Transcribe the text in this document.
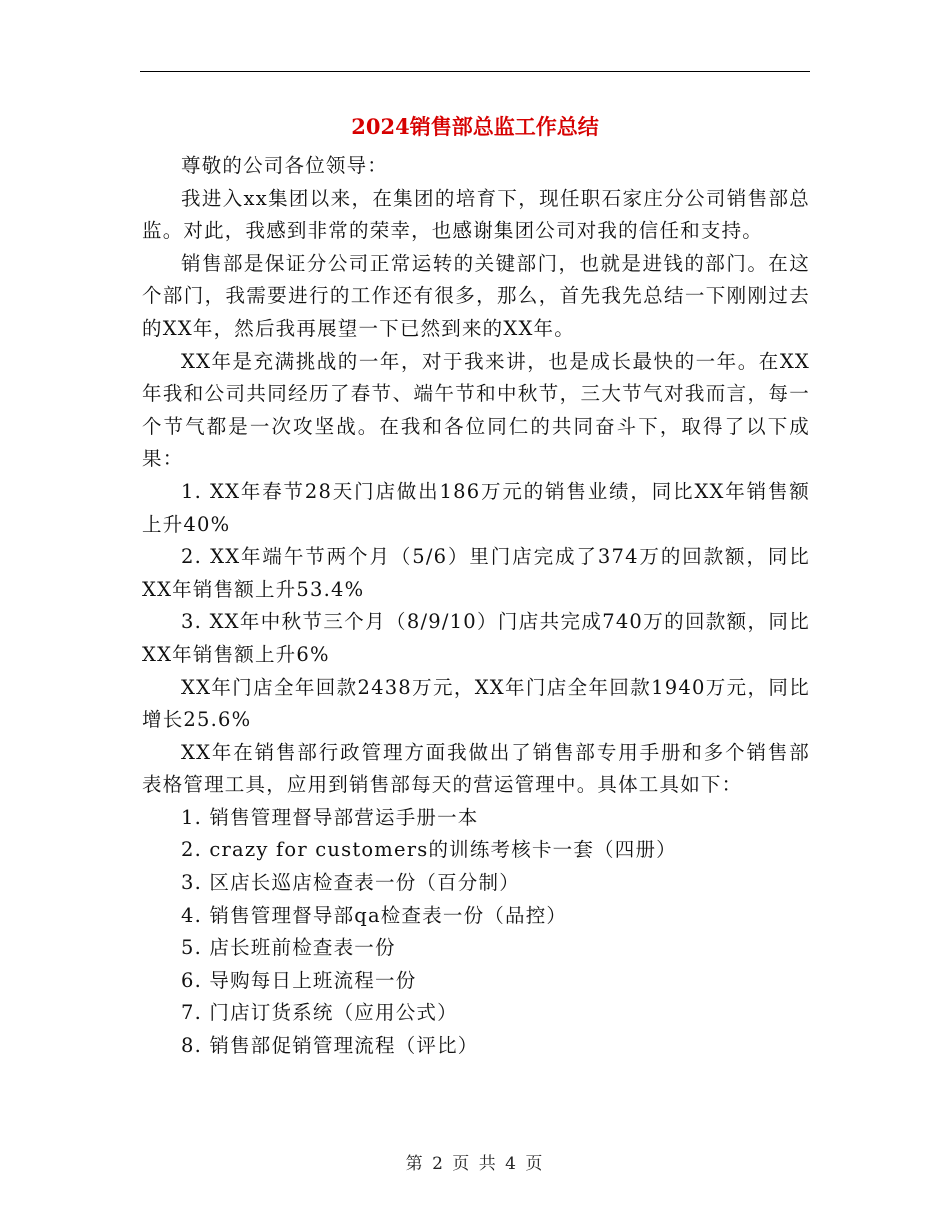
2024销售部总监工作总结

尊敬的公司各位领导：

我进入xx集团以来，在集团的培育下，现任职石家庄分公司销售部总监。对此，我感到非常的荣幸，也感谢集团公司对我的信任和支持。

销售部是保证分公司正常运转的关键部门，也就是进钱的部门。在这个部门，我需要进行的工作还有很多，那么，首先我先总结一下刚刚过去的XX年，然后我再展望一下已然到来的XX年。

XX年是充满挑战的一年，对于我来讲，也是成长最快的一年。在XX年我和公司共同经历了春节、端午节和中秋节，三大节气对我而言，每一个节气都是一次攻坚战。在我和各位同仁的共同奋斗下，取得了以下成果：

1. XX年春节28天门店做出186万元的销售业绩，同比XX年销售额上升40%

2. XX年端午节两个月（5/6）里门店完成了374万的回款额，同比XX年销售额上升53.4%

3. XX年中秋节三个月（8/9/10）门店共完成740万的回款额，同比XX年销售额上升6%

XX年门店全年回款2438万元，XX年门店全年回款1940万元，同比增长25.6%

XX年在销售部行政管理方面我做出了销售部专用手册和多个销售部表格管理工具，应用到销售部每天的营运管理中。具体工具如下：

1. 销售管理督导部营运手册一本

2. crazy for customers的训练考核卡一套（四册）

3. 区店长巡店检查表一份（百分制）

4. 销售管理督导部qa检查表一份（品控）

5. 店长班前检查表一份

6. 导购每日上班流程一份

7. 门店订货系统（应用公式）

8. 销售部促销管理流程（评比）

第 2 页 共 4 页
